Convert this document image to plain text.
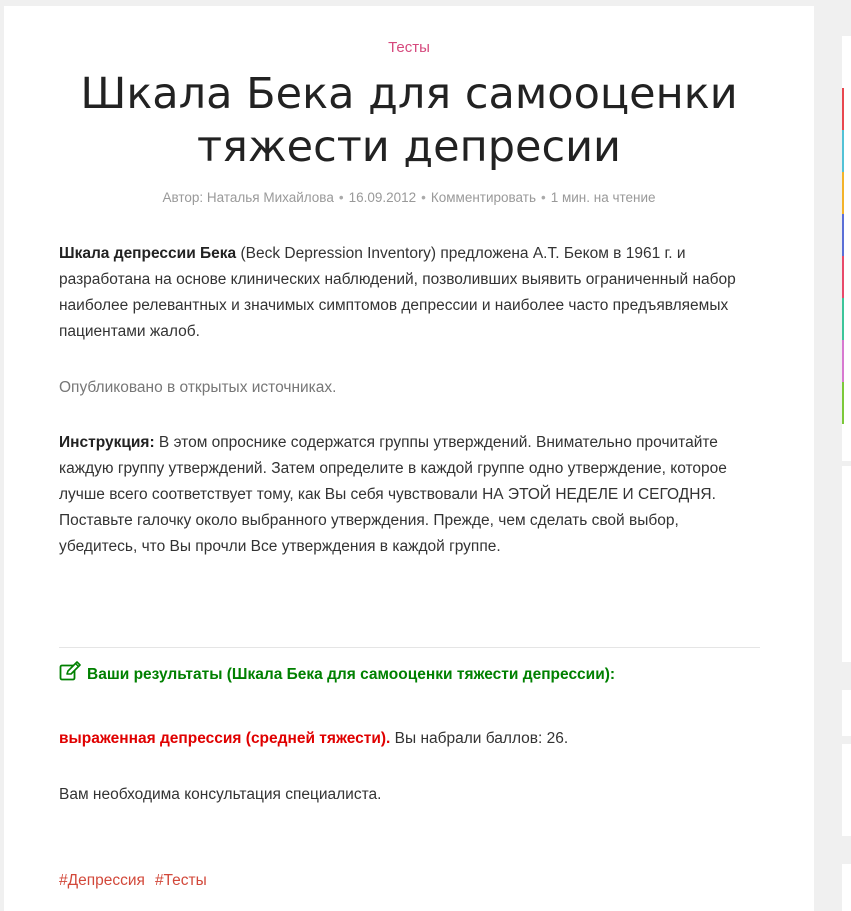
Тесты
Шкала Бека для самооценки тяжести депресии
Автор: Наталья Михайлова • 16.09.2012 • Комментировать • 1 мин. на чтение

Шкала депрессии Бека (Beck Depression Inventory) предложена А.Т. Беком в 1961 г. и разработана на основе клинических наблюдений, позволивших выявить ограниченный набор наиболее релевантных и значимых симптомов депрессии и наиболее часто предъявляемых пациентами жалоб.

Опубликовано в открытых источниках.

Инструкция: В этом опроснике содержатся группы утверждений. Внимательно прочитайте каждую группу утверждений. Затем определите в каждой группе одно утверждение, которое лучше всего соответствует тому, как Вы себя чувствовали НА ЭТОЙ НЕДЕЛЕ И СЕГОДНЯ. Поставьте галочку около выбранного утверждения. Прежде, чем сделать свой выбор, убедитесь, что Вы прочли Все утверждения в каждой группе.

Ваши результаты (Шкала Бека для самооценки тяжести депрессии):

выраженная депрессия (средней тяжести). Вы набрали баллов: 26.

Вам необходима консультация специалиста.

#Депрессия #Тесты
